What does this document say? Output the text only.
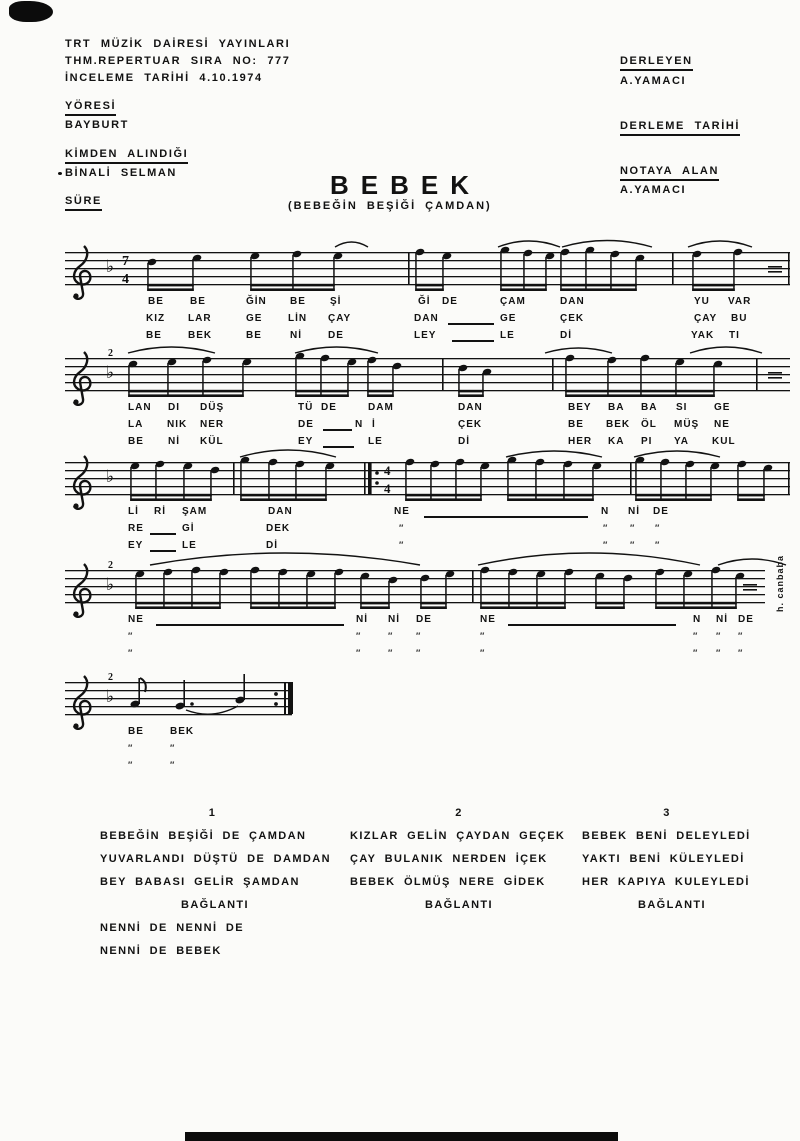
TRT MÜZİK DAİRESİ YAYINLARI
THM.REPERTUAR SIRA NO: 777
İNCELEME TARİHİ 4.10.1974
YÖRESİ
BAYBURT
KİMDEN ALINDIĞI
BİNALİ SELMAN
SÜRE
DERLEYEN
A.YAMACI
DERLEME TARİHİ
NOTAYA ALAN
A.YAMACI
BEBEK
(BEBEĞİN BEŞİĞİ ÇAMDAN)
♭ 7
4
♭
2
♭	4
4
♭
2
♭
2
BE	BE	ĞİN BE Şİ	Ğİ DE	ÇAM	DAN	YU VAR
KIZ LAR	GE	LİN ÇAY	DAN	GE	ÇEK	ÇAY BU
BE	BEK	BE	Nİ	DE	LEY	LE	Dİ	YAK TI
LAN DI DÜŞ	TÜ DE	DAM	DAN	BEY BA BA SI	GE
LA NIK NER	DE	N İ	ÇEK	BE BEK ÖL MÜŞ NE
BE Nİ KÜL	EY	LE	Dİ	HER KA PI YA KUL
Lİ Rİ ŞAM	DAN	NE	N Nİ DE
RE	Gİ	DEK	″	″	″ ″
EY	LE	Dİ	″	″	″ ″
NE	Nİ Nİ DE	NE	N Nİ DE
″	″	″	″	″	″ ″ ″
″	″	″	″	″	″ ″ ″
BE	BEK
″	″
″	″
h. canbaba
1
BEBEĞİN BEŞİĞİ DE ÇAMDAN
YUVARLANDI DÜŞTÜ DE DAMDAN
BEY BABASI GELİR ŞAMDAN
BAĞLANTI
NENNİ DE NENNİ DE
NENNİ DE BEBEK
2
KIZLAR GELİN ÇAYDAN GEÇEK
ÇAY BULANIK NERDEN İÇEK
BEBEK ÖLMÜŞ NERE GİDEK
BAĞLANTI
3
BEBEK BENİ DELEYLEDİ
YAKTI BENİ KÜLEYLEDİ
HER KAPIYA KULEYLEDİ
BAĞLANTI
